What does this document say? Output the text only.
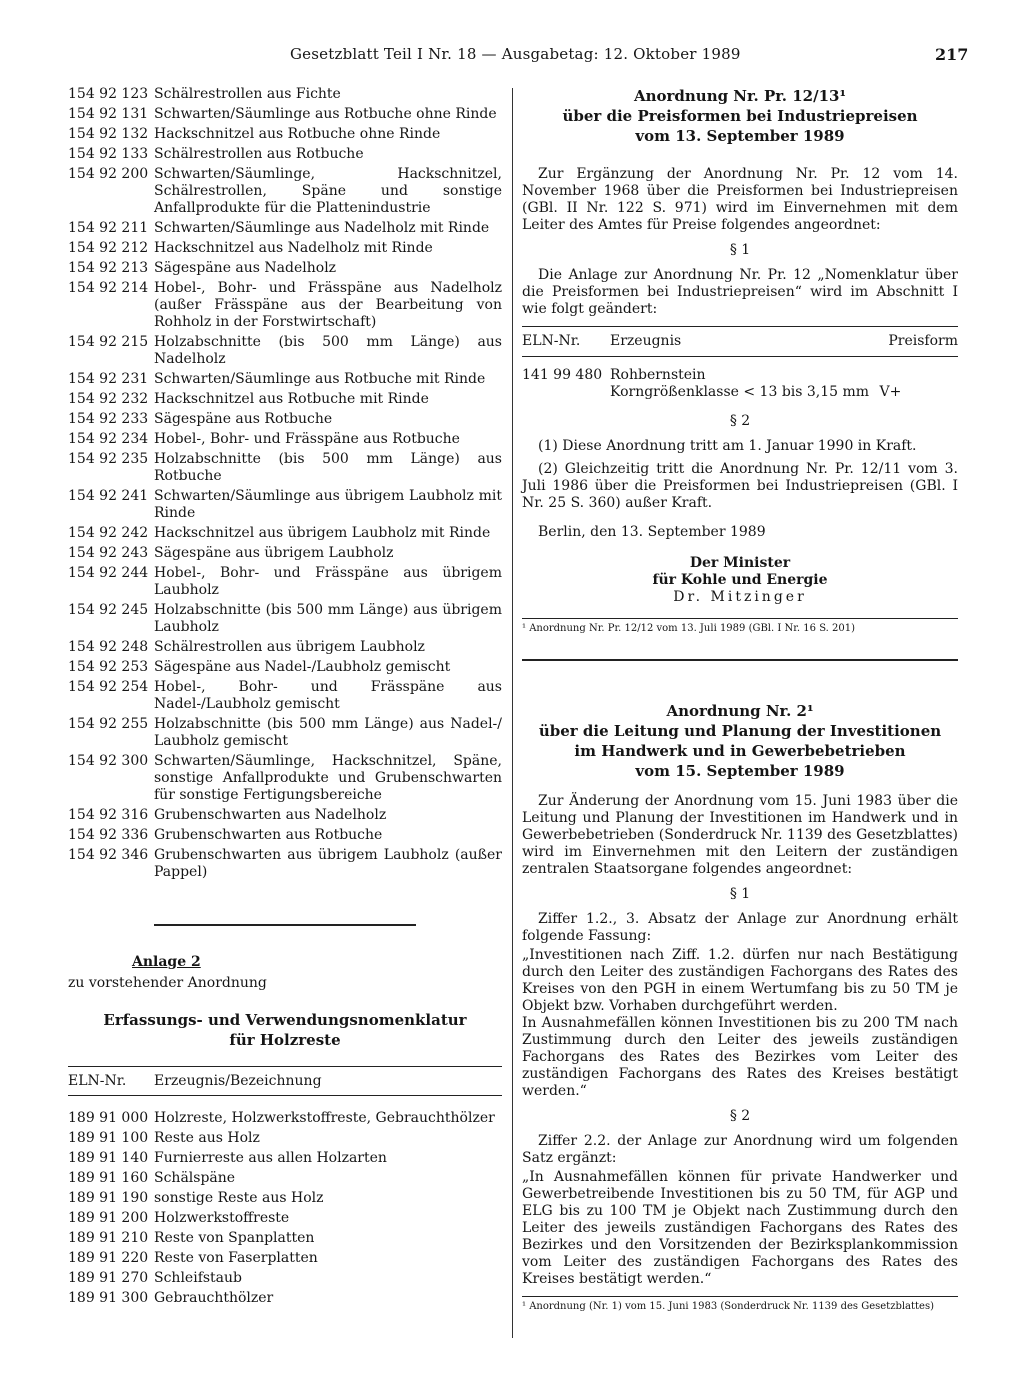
Gesetzblatt Teil I Nr. 18 — Ausgabetag: 12. Oktober 1989	217
154 92 123 Schälrestrollen aus Fichte
154 92 131 Schwarten/Säumlinge aus Rotbuche ohne Rinde
154 92 132 Hackschnitzel aus Rotbuche ohne Rinde
154 92 133 Schälrestrollen aus Rotbuche
154 92 200 Schwarten/Säumlinge, Hackschnitzel, Schälrestrollen, Späne und sonstige Anfallprodukte für die Plattenindustrie
154 92 211 Schwarten/Säumlinge aus Nadelholz mit Rinde
154 92 212 Hackschnitzel aus Nadelholz mit Rinde
154 92 213 Sägespäne aus Nadelholz
154 92 214 Hobel-, Bohr- und Frässpäne aus Nadelholz (außer Frässpäne aus der Bearbeitung von Rohholz in der Forstwirtschaft)
154 92 215 Holzabschnitte (bis 500 mm Länge) aus Nadelholz
154 92 231 Schwarten/Säumlinge aus Rotbuche mit Rinde
154 92 232 Hackschnitzel aus Rotbuche mit Rinde
154 92 233 Sägespäne aus Rotbuche
154 92 234 Hobel-, Bohr- und Frässpäne aus Rotbuche
154 92 235 Holzabschnitte (bis 500 mm Länge) aus Rotbuche
154 92 241 Schwarten/Säumlinge aus übrigem Laubholz mit Rinde
154 92 242 Hackschnitzel aus übrigem Laubholz mit Rinde
154 92 243 Sägespäne aus übrigem Laubholz
154 92 244 Hobel-, Bohr- und Frässpäne aus übrigem Laubholz
154 92 245 Holzabschnitte (bis 500 mm Länge) aus übrigem Laubholz
154 92 248 Schälrestrollen aus übrigem Laubholz
154 92 253 Sägespäne aus Nadel-/Laubholz gemischt
154 92 254 Hobel-, Bohr- und Frässpäne aus Nadel-/Laubholz gemischt
154 92 255 Holzabschnitte (bis 500 mm Länge) aus Nadel-/ Laubholz gemischt
154 92 300 Schwarten/Säumlinge, Hackschnitzel, Späne, sonstige Anfallprodukte und Grubenschwarten für sonstige Fertigungsbereiche
154 92 316 Grubenschwarten aus Nadelholz
154 92 336 Grubenschwarten aus Rotbuche
154 92 346 Grubenschwarten aus übrigem Laubholz (außer Pappel)
Anlage 2
zu vorstehender Anordnung
Erfassungs- und Verwendungsnomenklatur
für Holzreste
ELN-Nr.	Erzeugnis/Bezeichnung
189 91 000 Holzreste, Holzwerkstoffreste, Gebrauchthölzer
189 91 100 Reste aus Holz
189 91 140 Furnierreste aus allen Holzarten
189 91 160 Schälspäne
189 91 190 sonstige Reste aus Holz
189 91 200 Holzwerkstoffreste
189 91 210 Reste von Spanplatten
189 91 220 Reste von Faserplatten
189 91 270 Schleifstaub
189 91 300 Gebrauchthölzer
Anordnung Nr. Pr. 12/13¹
über die Preisformen bei Industriepreisen
vom 13. September 1989

Zur Ergänzung der Anordnung Nr. Pr. 12 vom 14. November 1968 über die Preisformen bei Industriepreisen (GBl. II Nr. 122 S. 971) wird im Einvernehmen mit dem Leiter des Amtes für Preise folgendes angeordnet:

§ 1

Die Anlage zur Anordnung Nr. Pr. 12 „Nomenklatur über die Preisformen bei Industriepreisen“ wird im Abschnitt I wie folgt geändert:

ELN-Nr.	Erzeugnis	Preisform
141 99 480 Rohbernstein
Korngrößenklasse < 13 bis 3,15 mm V+
§ 2

(1) Diese Anordnung tritt am 1. Januar 1990 in Kraft.

(2) Gleichzeitig tritt die Anordnung Nr. Pr. 12/11 vom 3. Juli 1986 über die Preisformen bei Industriepreisen (GBl. I Nr. 25 S. 360) außer Kraft.

Berlin, den 13. September 1989

Der Minister
für Kohle und Energie
Dr. Mitzinger
¹ Anordnung Nr. Pr. 12/12 vom 13. Juli 1989 (GBl. I Nr. 16 S. 201)
Anordnung Nr. 2¹
über die Leitung und Planung der Investitionen
im Handwerk und in Gewerbebetrieben
vom 15. September 1989

Zur Änderung der Anordnung vom 15. Juni 1983 über die Leitung und Planung der Investitionen im Handwerk und in Gewerbebetrieben (Sonderdruck Nr. 1139 des Gesetzblattes) wird im Einvernehmen mit den Leitern der zuständigen zentralen Staatsorgane folgendes angeordnet:

§ 1

Ziffer 1.2., 3. Absatz der Anlage zur Anordnung erhält folgende Fassung:

„Investitionen nach Ziff. 1.2. dürfen nur nach Bestätigung durch den Leiter des zuständigen Fachorgans des Rates des Kreises von den PGH in einem Wertumfang bis zu 50 TM je Objekt bzw. Vorhaben durchgeführt werden.

In Ausnahmefällen können Investitionen bis zu 200 TM nach Zustimmung durch den Leiter des jeweils zuständigen Fachorgans des Rates des Bezirkes vom Leiter des zuständigen Fachorgans des Rates des Kreises bestätigt werden.“

§ 2

Ziffer 2.2. der Anlage zur Anordnung wird um folgenden Satz ergänzt:

„In Ausnahmefällen können für private Handwerker und Gewerbetreibende Investitionen bis zu 50 TM, für AGP und ELG bis zu 100 TM je Objekt nach Zustimmung durch den Leiter des jeweils zuständigen Fachorgans des Rates des Bezirkes und den Vorsitzenden der Bezirksplankommission vom Leiter des zuständigen Fachorgans des Rates des Kreises bestätigt werden.“

¹ Anordnung (Nr. 1) vom 15. Juni 1983 (Sonderdruck Nr. 1139 des Gesetzblattes)
